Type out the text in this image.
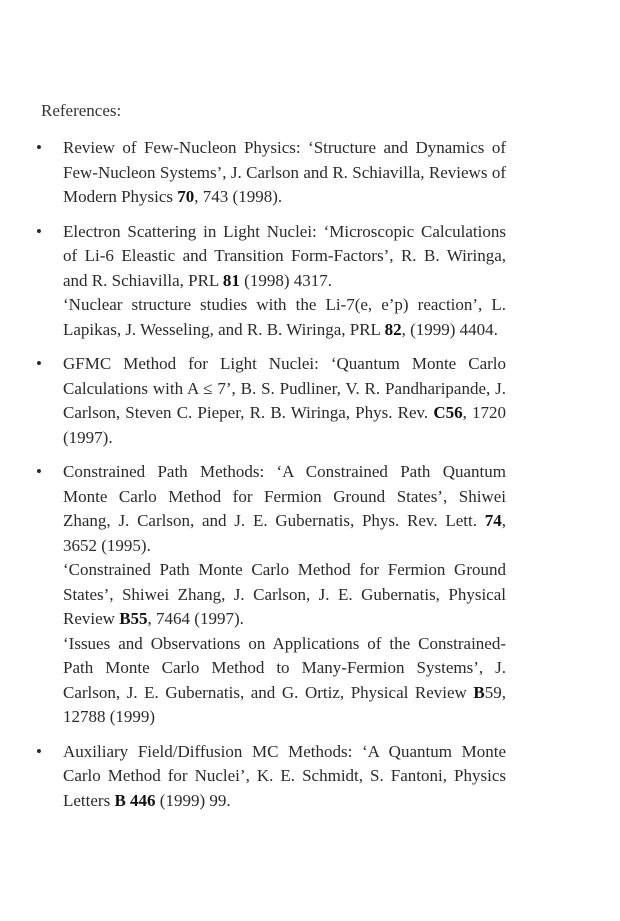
References:
• Review of Few-Nucleon Physics: ‘Structure and Dynamics of Few-Nucleon Systems’, J. Carlson and R. Schiavilla, Reviews of Modern Physics 70, 743 (1998).
• Electron Scattering in Light Nuclei: ‘Microscopic Calculations of Li-6 Eleastic and Transition Form-Factors’, R. B. Wiringa, and R. Schiavilla, PRL 81 (1998) 4317.
‘Nuclear structure studies with the Li-7(e, e’p) reaction’, L. Lapikas, J. Wesseling, and R. B. Wiringa, PRL 82, (1999) 4404.
• GFMC Method for Light Nuclei: ‘Quantum Monte Carlo Calculations with A ≤ 7’, B. S. Pudliner, V. R. Pandharipande, J. Carlson, Steven C. Pieper, R. B. Wiringa, Phys. Rev. C56, 1720 (1997).
• Constrained Path Methods: ‘A Constrained Path Quantum Monte Carlo Method for Fermion Ground States’, Shiwei Zhang, J. Carlson, and J. E. Gubernatis, Phys. Rev. Lett. 74, 3652 (1995).
‘Constrained Path Monte Carlo Method for Fermion Ground States’, Shiwei Zhang, J. Carlson, J. E. Gubernatis, Physical Review B55, 7464 (1997).
‘Issues and Observations on Applications of the Constrained-Path Monte Carlo Method to Many-Fermion Systems’, J. Carlson, J. E. Gubernatis, and G. Ortiz, Physical Review B59, 12788 (1999)
• Auxiliary Field/Diffusion MC Methods: ‘A Quantum Monte Carlo Method for Nuclei’, K. E. Schmidt, S. Fantoni, Physics Letters B 446 (1999) 99.
